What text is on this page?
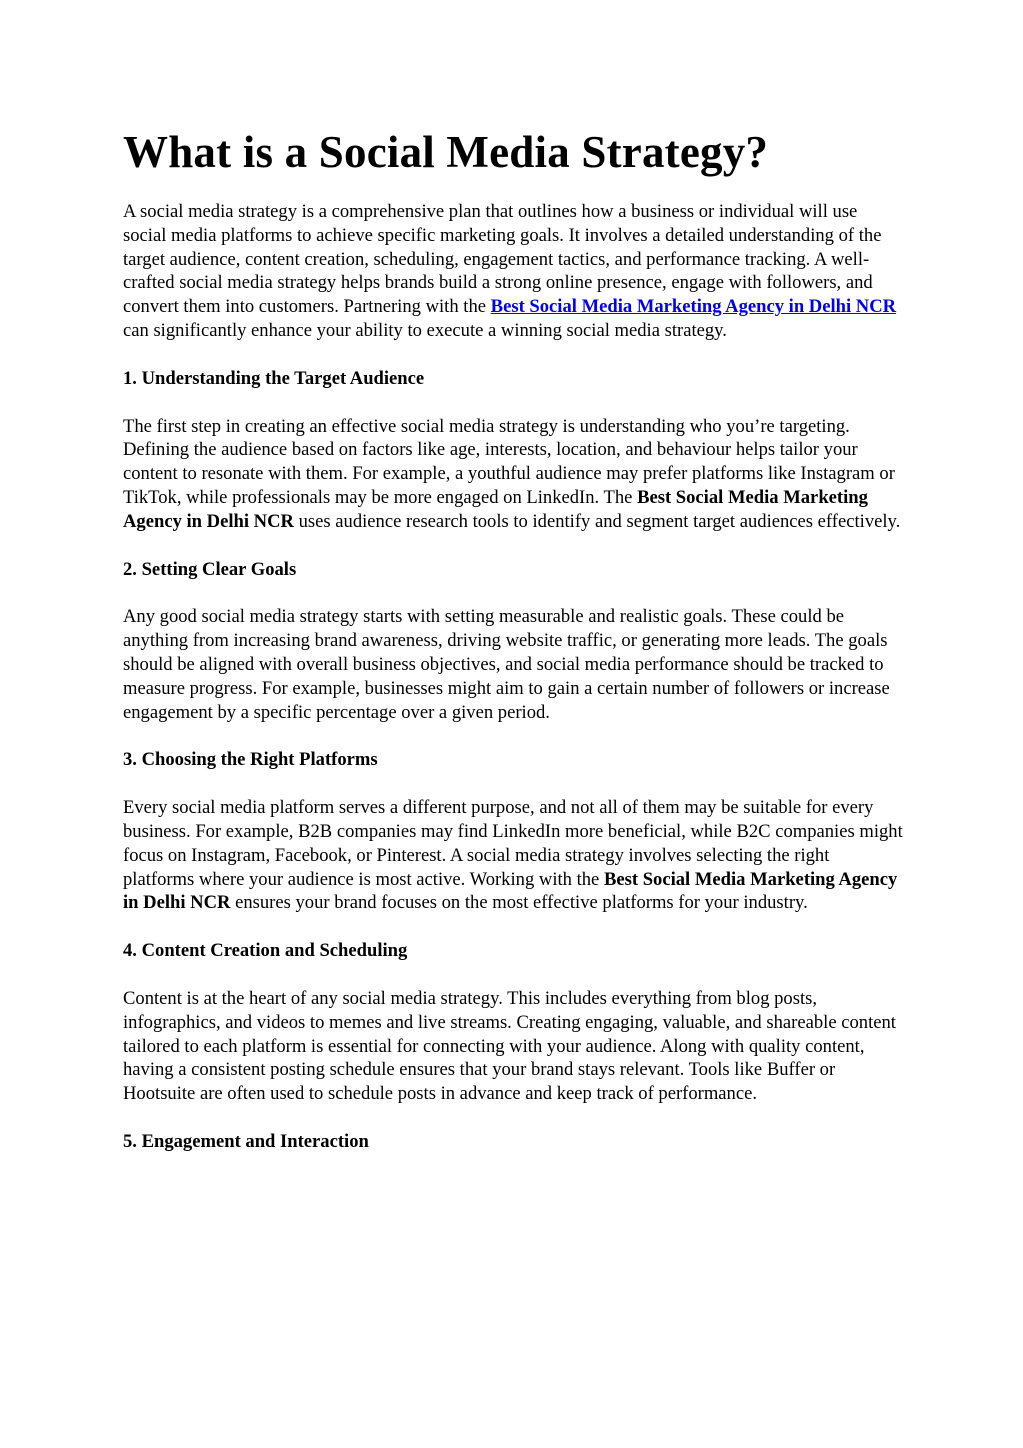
What is a Social Media Strategy?

A social media strategy is a comprehensive plan that outlines how a business or individual will use social media platforms to achieve specific marketing goals. It involves a detailed understanding of the target audience, content creation, scheduling, engagement tactics, and performance tracking. A well-crafted social media strategy helps brands build a strong online presence, engage with followers, and convert them into customers. Partnering with the Best Social Media Marketing Agency in Delhi NCR can significantly enhance your ability to execute a winning social media strategy.

1. Understanding the Target Audience

The first step in creating an effective social media strategy is understanding who you’re targeting. Defining the audience based on factors like age, interests, location, and behaviour helps tailor your content to resonate with them. For example, a youthful audience may prefer platforms like Instagram or TikTok, while professionals may be more engaged on LinkedIn. The Best Social Media Marketing Agency in Delhi NCR uses audience research tools to identify and segment target audiences effectively.

2. Setting Clear Goals

Any good social media strategy starts with setting measurable and realistic goals. These could be anything from increasing brand awareness, driving website traffic, or generating more leads. The goals should be aligned with overall business objectives, and social media performance should be tracked to measure progress. For example, businesses might aim to gain a certain number of followers or increase engagement by a specific percentage over a given period.

3. Choosing the Right Platforms

Every social media platform serves a different purpose, and not all of them may be suitable for every business. For example, B2B companies may find LinkedIn more beneficial, while B2C companies might focus on Instagram, Facebook, or Pinterest. A social media strategy involves selecting the right platforms where your audience is most active. Working with the Best Social Media Marketing Agency in Delhi NCR ensures your brand focuses on the most effective platforms for your industry.

4. Content Creation and Scheduling

Content is at the heart of any social media strategy. This includes everything from blog posts, infographics, and videos to memes and live streams. Creating engaging, valuable, and shareable content tailored to each platform is essential for connecting with your audience. Along with quality content, having a consistent posting schedule ensures that your brand stays relevant. Tools like Buffer or Hootsuite are often used to schedule posts in advance and keep track of performance.

5. Engagement and Interaction
